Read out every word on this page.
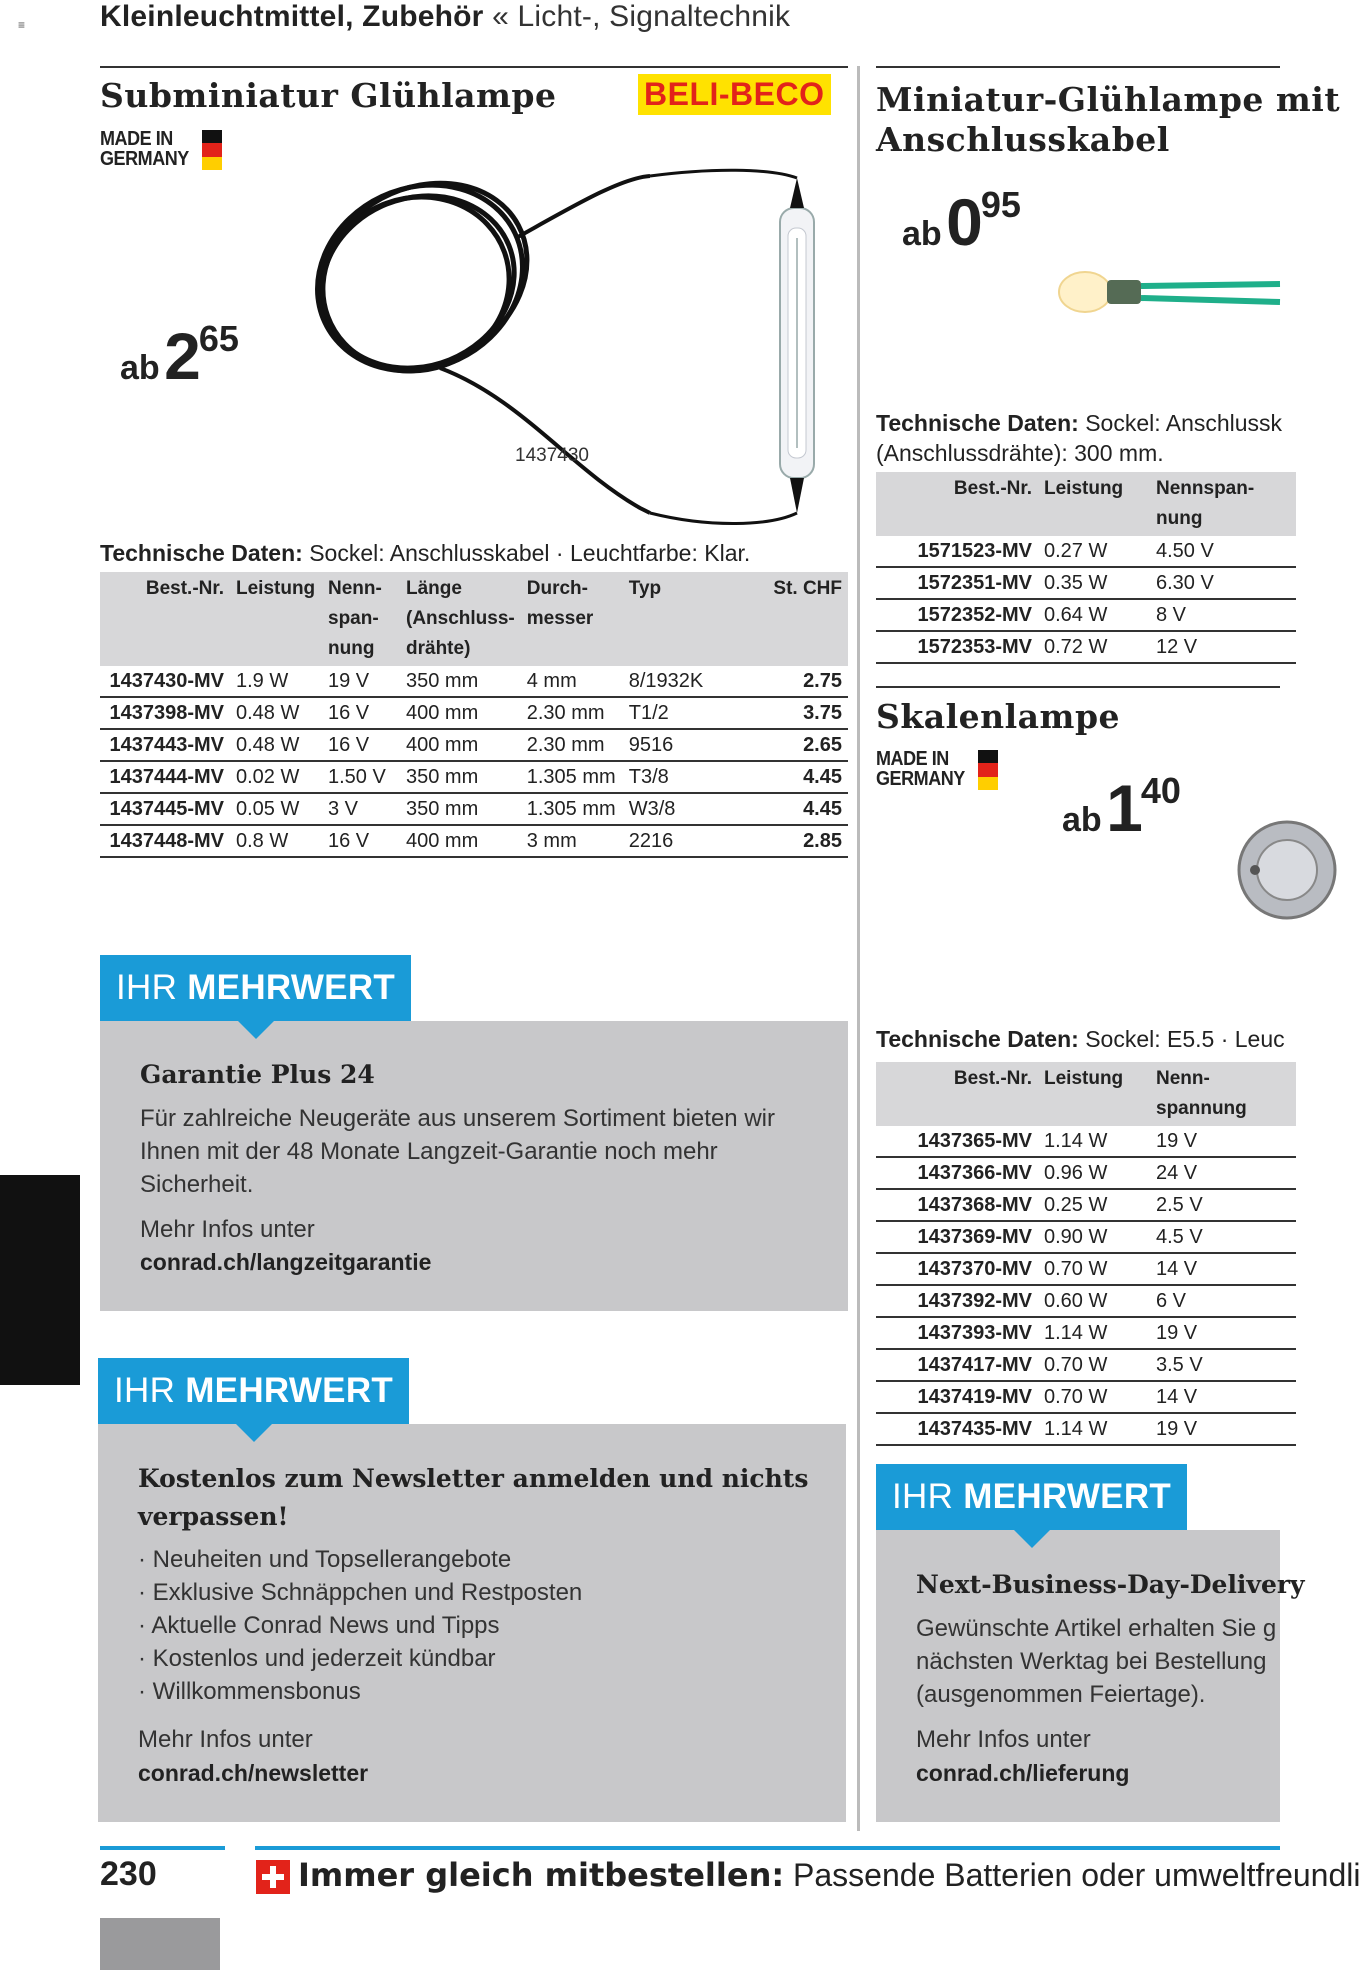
≡ Kleinleuchtmittel, Zubehör « Licht-, Signaltechnik
Subminiatur Glühlampe	BELI-BECO
MADE IN
GERMANY
ab 265
1437430
Technische Daten: Sockel: Anschlusskabel · Leuchtfarbe: Klar.
Best.-Nr.	Leistung	Nenn-span-nung	Länge (Anschluss-drähte)	Durch-messer	Typ	St. CHF
1437430-MV	1.9 W	19 V	350 mm	4 mm	8/1932K	2.75
1437398-MV	0.48 W	16 V	400 mm	2.30 mm	T1/2	3.75
1437443-MV	0.48 W	16 V	400 mm	2.30 mm	9516	2.65
1437444-MV	0.02 W	1.50 V	350 mm	1.305 mm	T3/8	4.45
1437445-MV	0.05 W	3 V	350 mm	1.305 mm	W3/8	4.45
1437448-MV	0.8 W	16 V	400 mm	3 mm	2216	2.85
IHR MEHRWERT
Garantie Plus 24
Für zahlreiche Neugeräte aus unserem Sortiment bieten wir Ihnen mit der 48 Monate Langzeit-Garantie noch mehr Sicherheit.
Mehr Infos unter
conrad.ch/langzeitgarantie
IHR MEHRWERT
Kostenlos zum Newsletter anmelden und nichts verpassen!
· Neuheiten und Topsellerangebote
· Exklusive Schnäppchen und Restposten
· Aktuelle Conrad News und Tipps
· Kostenlos und jederzeit kündbar
· Willkommensbonus
Mehr Infos unter
conrad.ch/newsletter
Miniatur-Glühlampe mit
Anschlusskabel
ab 095
Technische Daten: Sockel: Anschlussk
(Anschlussdrähte): 300 mm.
Best.-Nr.	Leistung	Nennspan-nung
1571523-MV	0.27 W	4.50 V
1572351-MV	0.35 W	6.30 V
1572352-MV	0.64 W	8 V
1572353-MV	0.72 W	12 V
Skalenlampe
MADE IN
GERMANY
ab 140
Technische Daten: Sockel: E5.5 · Leuc
Best.-Nr.	Leistung	Nenn-spannung
1437365-MV	1.14 W	19 V
1437366-MV	0.96 W	24 V
1437368-MV	0.25 W	2.5 V
1437369-MV	0.90 W	4.5 V
1437370-MV	0.70 W	14 V
1437392-MV	0.60 W	6 V
1437393-MV	1.14 W	19 V
1437417-MV	0.70 W	3.5 V
1437419-MV	0.70 W	14 V
1437435-MV	1.14 W	19 V
IHR MEHRWERT
Next-Business-Day-Delivery
Gewünschte Artikel erhalten Sie g
nächsten Werktag bei Bestellung
(ausgenommen Feiertage).
Mehr Infos unter
conrad.ch/lieferung
230	Immer gleich mitbestellen: Passende Batterien oder umweltfreundli
